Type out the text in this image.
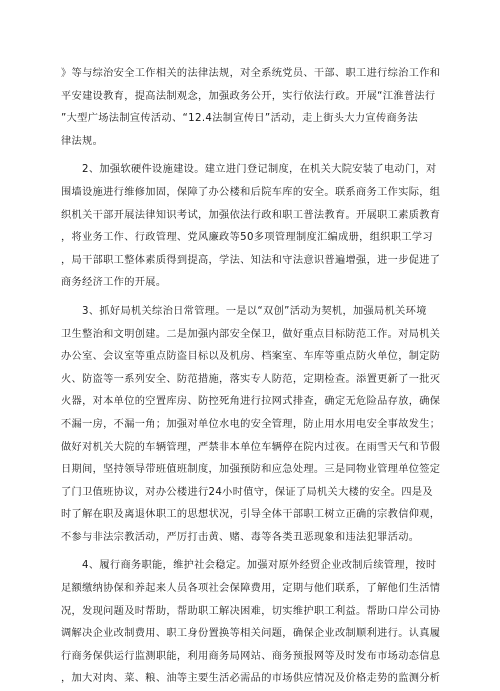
》等与综治安全工作相关的法律法规，对全系统党员、干部、职工进行综治工作和
平安建设教育，提高法制观念，加强政务公开，实行依法行政。开展“江淮普法行
”大型广场法制宣传活动、“12.4法制宣传日”活动，走上街头大力宣传商务法
律法规。
2、加强软硬件设施建设。建立进门登记制度，在机关大院安装了电动门，对
围墙设施进行维修加固，保障了办公楼和后院车库的安全。联系商务工作实际，组
织机关干部开展法律知识考试，加强依法行政和职工普法教育。开展职工素质教育
，将业务工作、行政管理、党风廉政等50多项管理制度汇编成册，组织职工学习
，局干部职工整体素质得到提高，学法、知法和守法意识普遍增强，进一步促进了
商务经济工作的开展。
3、抓好局机关综治日常管理。一是以“双创”活动为契机，加强局机关环境
卫生整治和文明创建。二是加强内部安全保卫，做好重点目标防范工作。对局机关
办公室、会议室等重点防盗目标以及机房、档案室、车库等重点防火单位，制定防
火、防盗等一系列安全、防范措施，落实专人防范，定期检查。添置更新了一批灭
火器，对本单位的空置库房、防控死角进行拉网式排查，确定无危险品存放，确保
不漏一房，不漏一角；加强对单位水电的安全管理，防止用水用电安全事故发生；
做好对机关大院的车辆管理，严禁非本单位车辆停在院内过夜。在雨雪天气和节假
日期间，坚持领导带班值班制度，加强预防和应急处理。三是同物业管理单位签定
了门卫值班协议，对办公楼进行24小时值守，保证了局机关大楼的安全。四是及
时了解在职及离退休职工的思想状况，引导全体干部职工树立正确的宗教信仰观，
不参与非法宗教活动，严厉打击黄、赌、毒等各类丑恶现象和违法犯罪活动。
4、履行商务职能，维护社会稳定。加强对原外经贸企业改制后续管理，按时
足额缴纳协保和养起来人员各项社会保障费用，定期与他们联系，了解他们生活情
况，发现问题及时帮助，帮助职工解决困难，切实维护职工利益。帮助口岸公司协
调解决企业改制费用、职工身份置换等相关问题，确保企业改制顺利进行。认真履
行商务保供运行监测职能，利用商务局网站、商务预报网等及时发布市场动态信息
，加大对肉、菜、粮、油等主要生活必需品的市场供应情况及价格走势的监测分析
